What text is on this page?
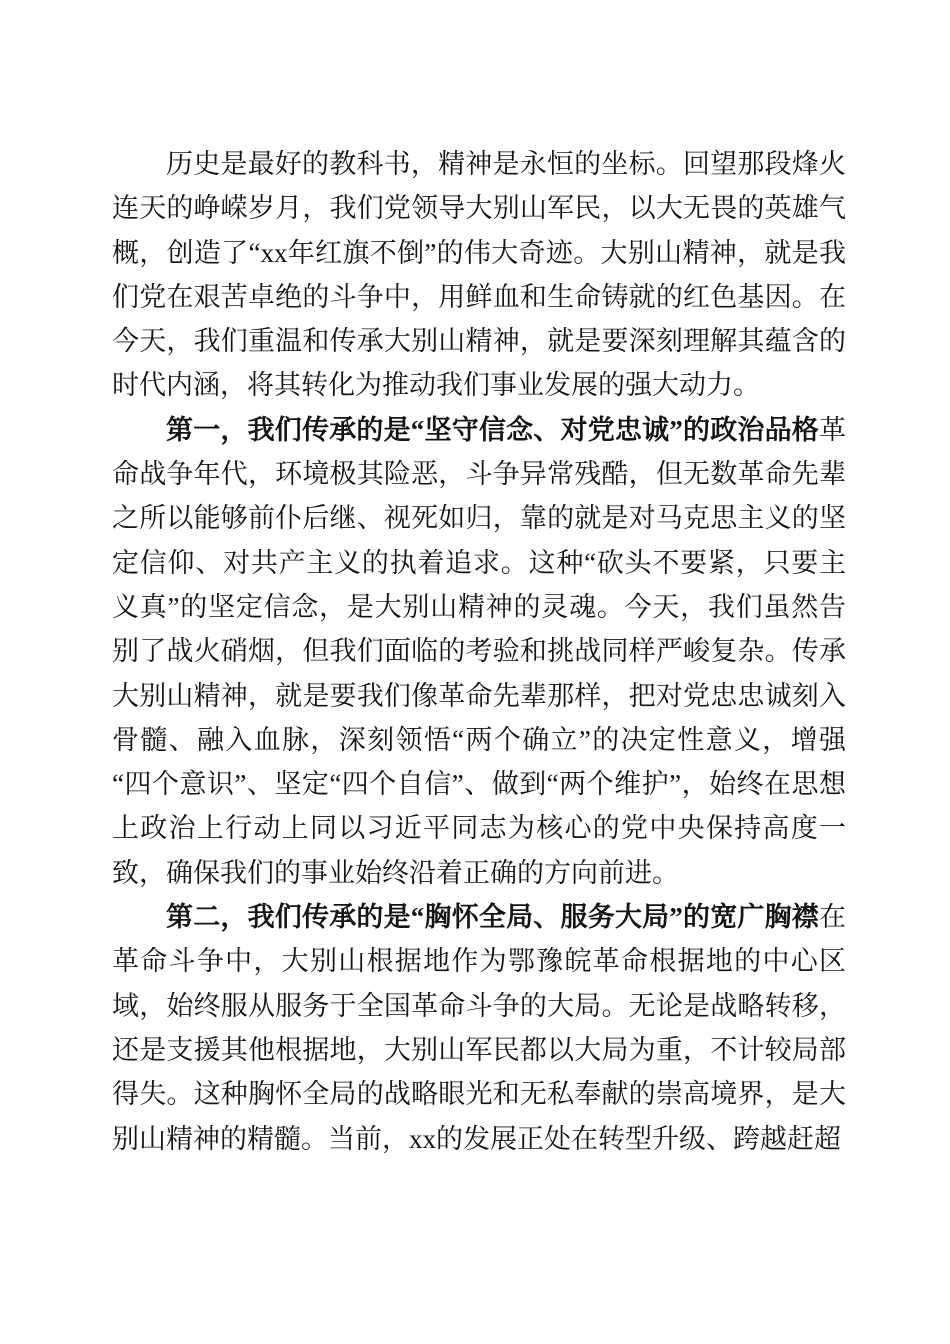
历史是最好的教科书，精神是永恒的坐标。回望那段烽火连天的峥嵘岁月，我们党领导大别山军民，以大无畏的英雄气概，创造了“xx年红旗不倒”的伟大奇迹。大别山精神，就是我们党在艰苦卓绝的斗争中，用鲜血和生命铸就的红色基因。在今天，我们重温和传承大别山精神，就是要深刻理解其蕴含的时代内涵，将其转化为推动我们事业发展的强大动力。

第一，我们传承的是“坚守信念、对党忠诚”的政治品格革命战争年代，环境极其险恶，斗争异常残酷，但无数革命先辈之所以能够前仆后继、视死如归，靠的就是对马克思主义的坚定信仰、对共产主义的执着追求。这种“砍头不要紧，只要主义真”的坚定信念，是大别山精神的灵魂。今天，我们虽然告别了战火硝烟，但我们面临的考验和挑战同样严峻复杂。传承大别山精神，就是要我们像革命先辈那样，把对党忠忠诚刻入骨髓、融入血脉，深刻领悟“两个确立”的决定性意义，增强“四个意识”、坚定“四个自信”、做到“两个维护”，始终在思想上政治上行动上同以习近平同志为核心的党中央保持高度一致，确保我们的事业始终沿着正确的方向前进。

第二，我们传承的是“胸怀全局、服务大局”的宽广胸襟在革命斗争中，大别山根据地作为鄂豫皖革命根据地的中心区域，始终服从服务于全国革命斗争的大局。无论是战略转移，还是支援其他根据地，大别山军民都以大局为重，不计较局部得失。这种胸怀全局的战略眼光和无私奉献的崇高境界，是大别山精神的精髓。当前，xx的发展正处在转型升级、跨越赶超
